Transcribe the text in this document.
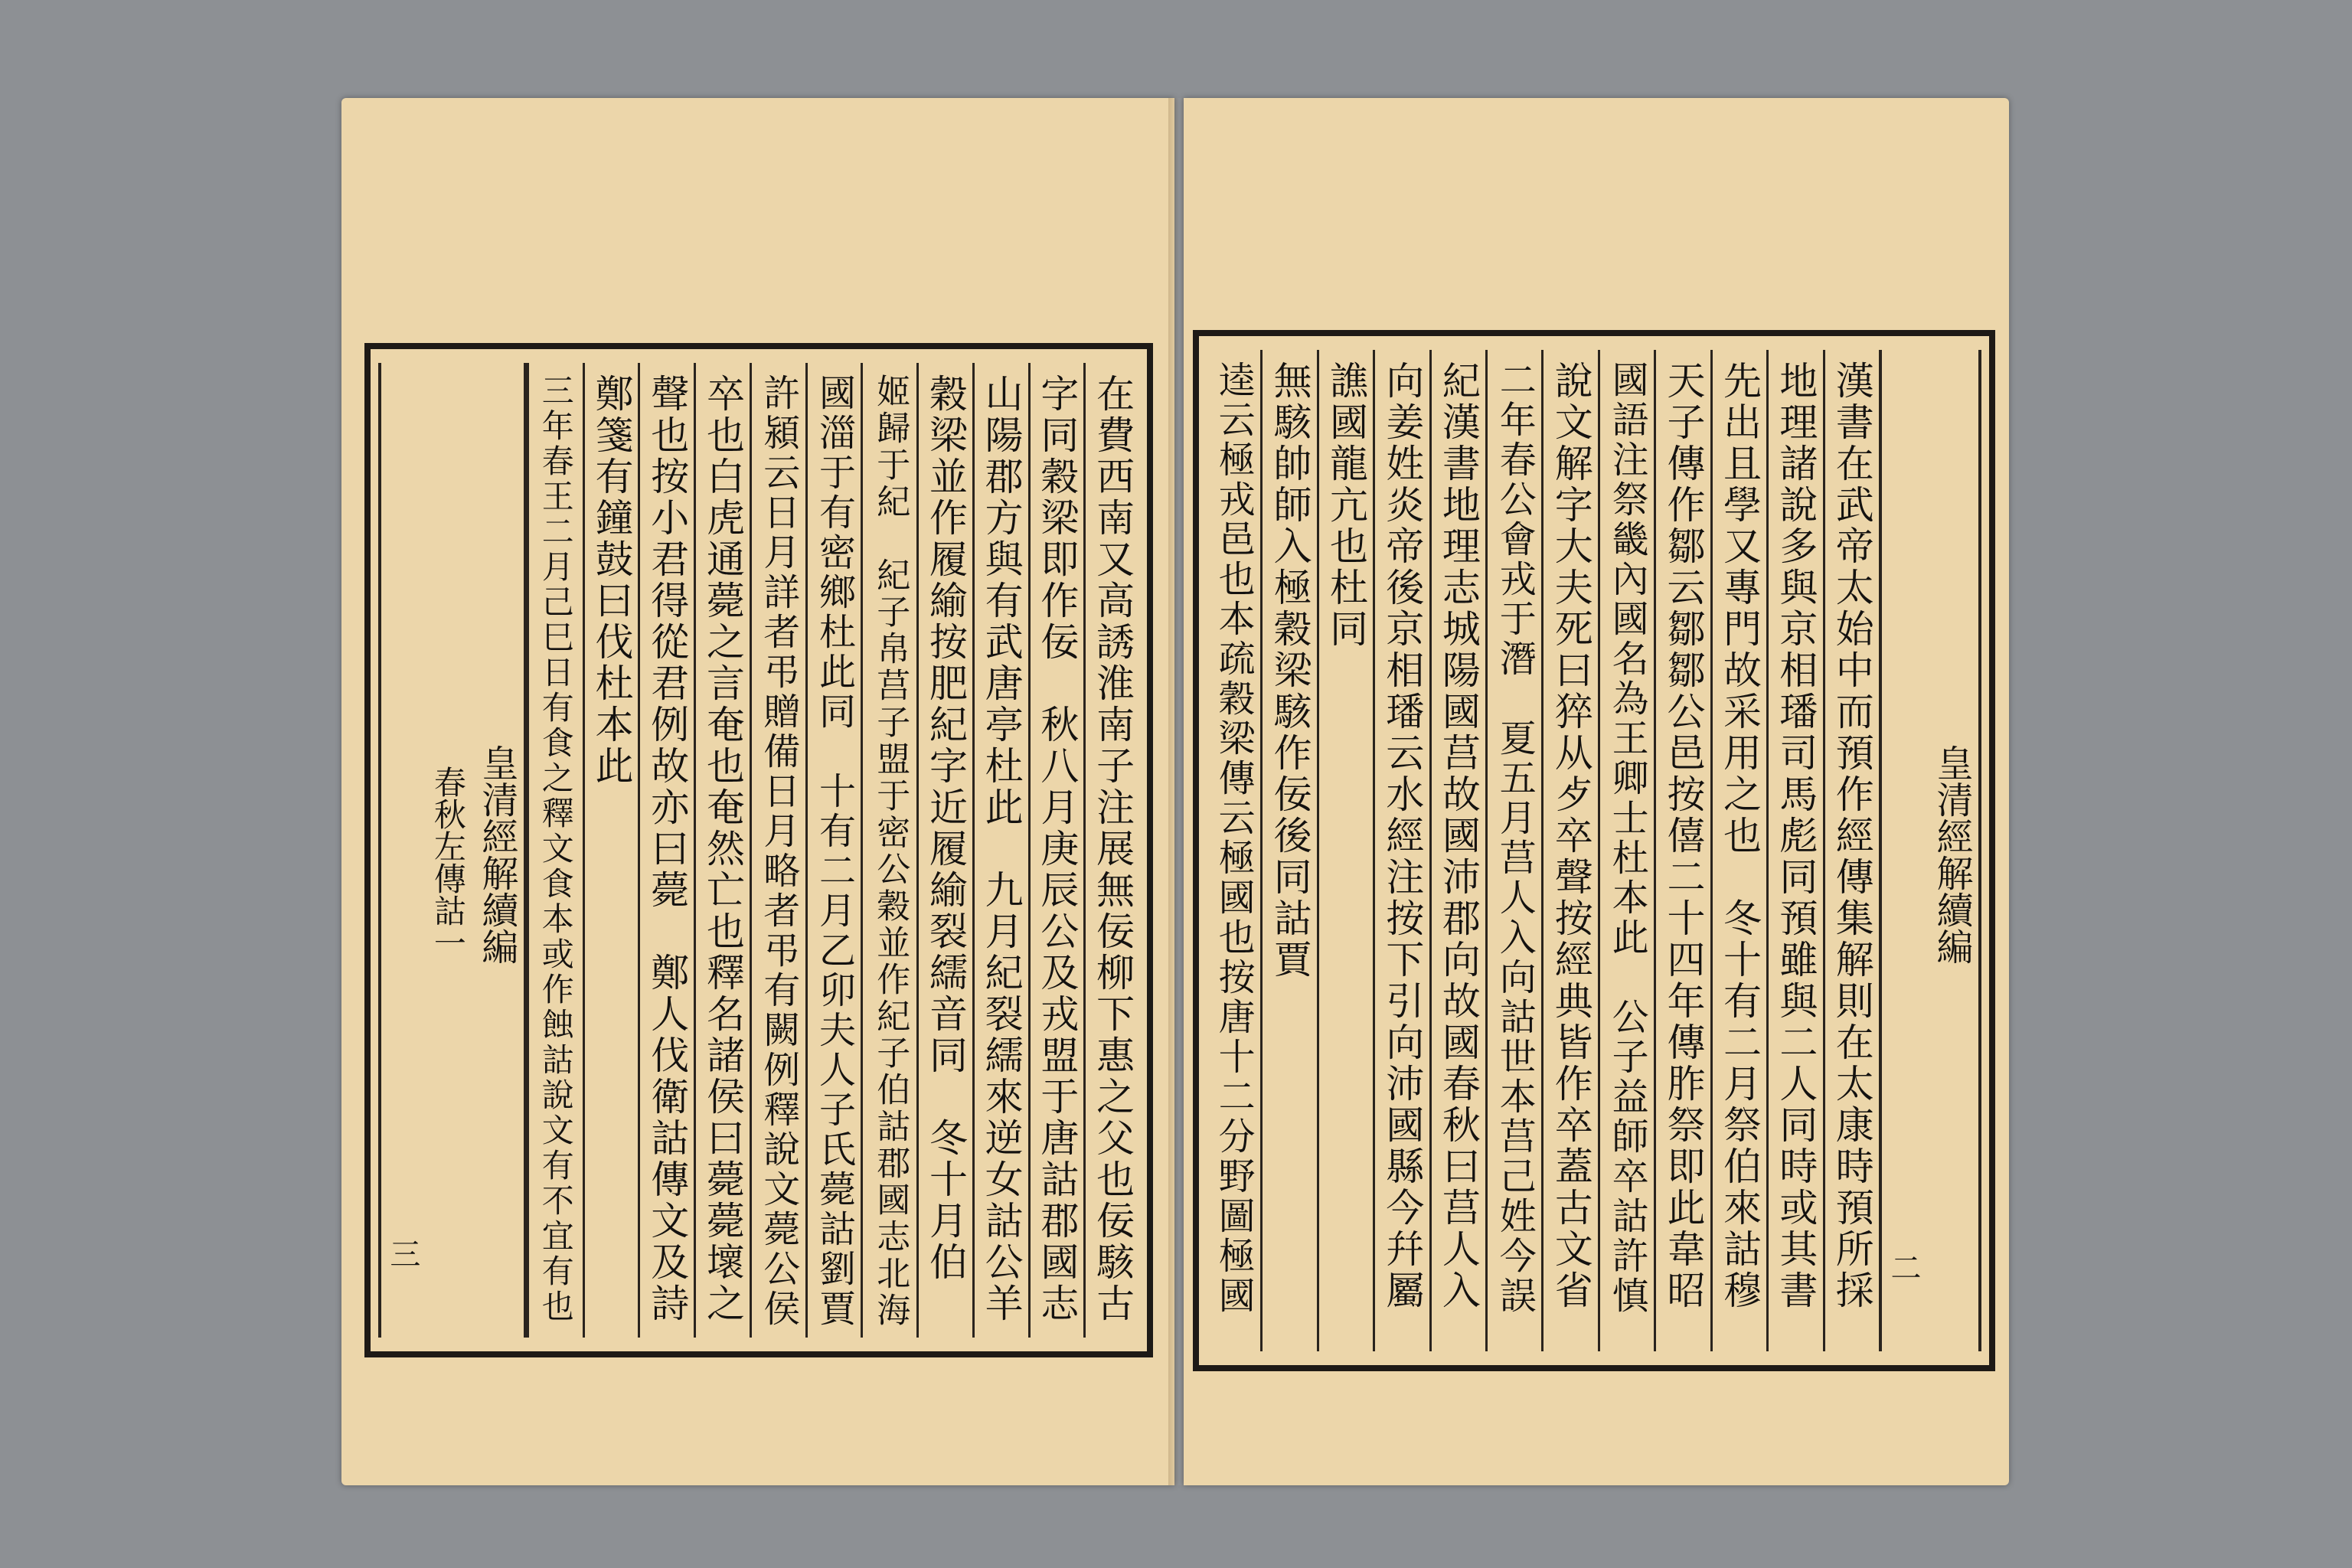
在費西南又高誘淮南子注展無佞柳下惠之父也佞駭古
字同穀梁即作佞　秋八月庚辰公及戎盟于唐詁郡國志
山陽郡方與有武唐亭杜此　九月紀裂繻來逆女詁公羊
穀梁並作履緰按肥紀字近履緰裂繻音同　冬十月伯
姬歸于紀　紀子帛莒子盟于密公穀並作紀子伯詁郡國志北海
國湽于有密鄉杜此同　十有二月乙卯夫人子氏薨詁劉賈
許潁云日月詳者弔贈備日月略者弔有闕例釋說文薨公侯
卒也白虎通薨之言奄也奄然亡也釋名諸侯曰薨薨壞之
聲也按小君得從君例故亦曰薨　鄭人伐衛詁傳文及詩
鄭箋有鐘鼓曰伐杜本此
三年春王二月己巳日有食之釋文食本或作蝕詁說文有不宜有也
皇清經解續編
春秋左傳詁一
三
皇清經解續編
二
漢書在武帝太始中而預作經傳集解則在太康時預所採
地理諸說多與京相璠司馬彪同預雖與二人同時或其書
先出且學又專門故采用之也　冬十有二月祭伯來詁穆
天子傳作鄒云鄒鄒公邑按僖二十四年傳胙祭即此韋昭
國語注祭畿內國名為王卿士杜本此　公子益師卒詁許慎
說文解字大夫死曰猝从歺卒聲按經典皆作卒蓋古文省
二年春公會戎于潛　夏五月莒人入向詁世本莒己姓今誤
紀漢書地理志城陽國莒故國沛郡向故國春秋曰莒人入
向姜姓炎帝後京相璠云水經注按下引向沛國縣今幷屬
譙國龍亢也杜同
無駭帥師入極穀梁駭作佞後同詁賈
逵云極戎邑也本疏穀梁傳云極國也按唐十二分野圖極國
